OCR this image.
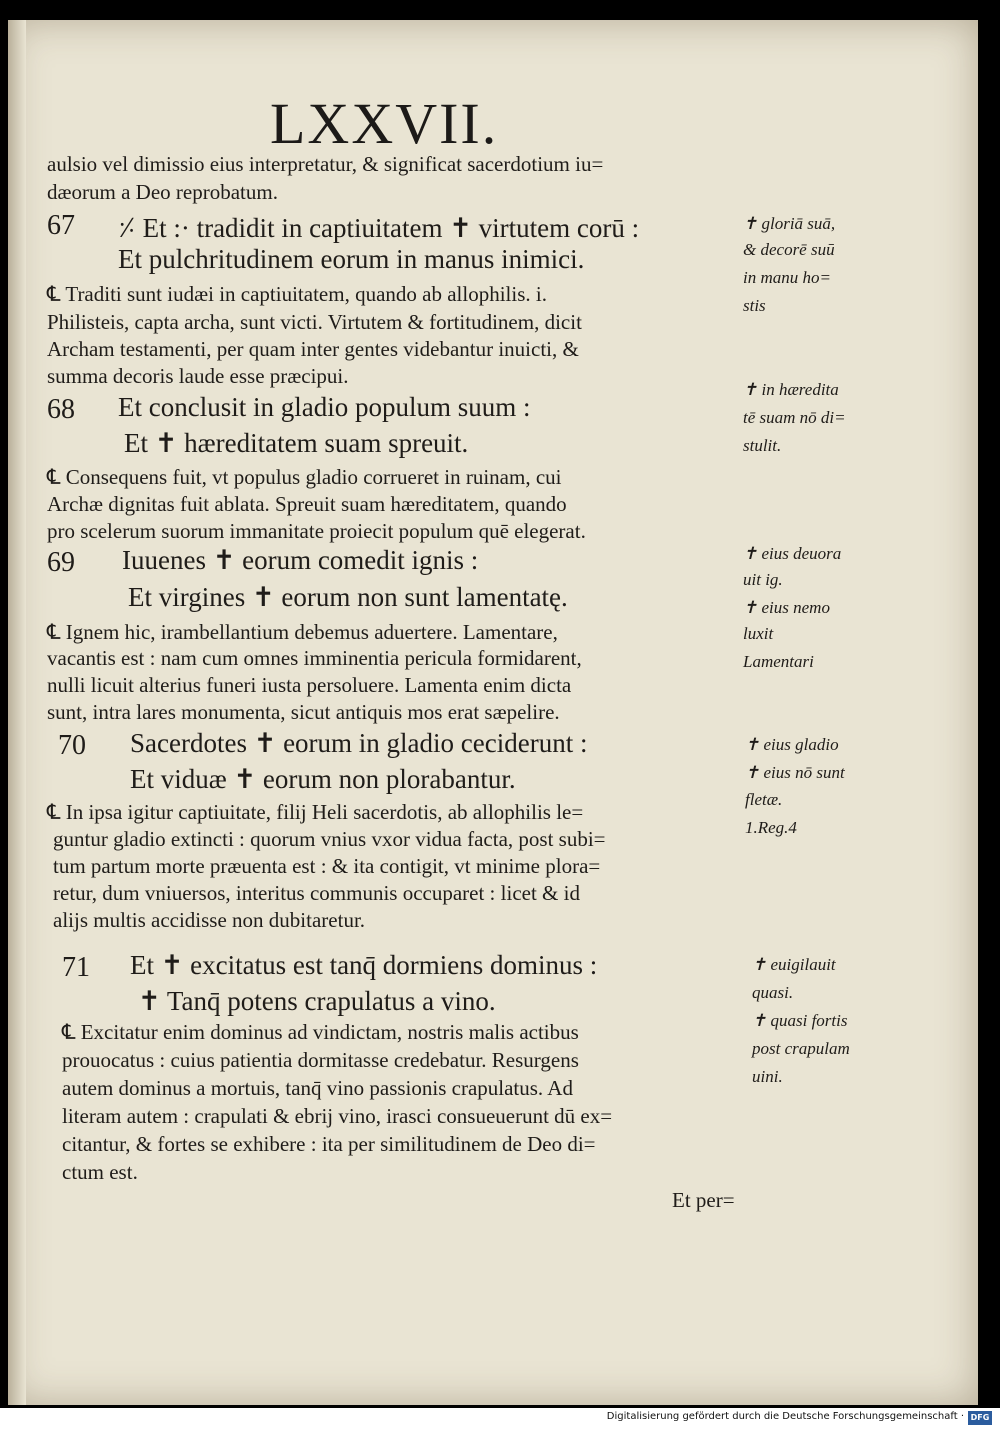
LXXVII.
aulsio vel dimissio eius interpretatur, & significat sacerdotium iu=
dæorum a Deo reprobatum.
67 ⸓ Et :· tradidit in captiuitatem ✝ virtutem corū :
Et pulchritudinem eorum in manus inimici.
℄ Traditi sunt iudæi in captiuitatem, quando ab allophilis. i.
Philisteis, capta archa, sunt victi. Virtutem & fortitudinem, dicit
Archam testamenti, per quam inter gentes videbantur inuicti, &
summa decoris laude esse præcipui.
✝ gloriā suā,
& decorē suū
in manu ho=
stis
68 Et conclusit in gladio populum suum :
Et ✝ hæreditatem suam spreuit.
℄ Consequens fuit, vt populus gladio corrueret in ruinam, cui
Archæ dignitas fuit ablata. Spreuit suam hæreditatem, quando
pro scelerum suorum immanitate proiecit populum quē elegerat.
✝ in hæredita
tē suam nō di=
stulit.
69 Iuuenes ✝ eorum comedit ignis :
Et virgines ✝ eorum non sunt lamentatę.
℄ Ignem hic, irambellantium debemus aduertere. Lamentare,
vacantis est : nam cum omnes imminentia pericula formidarent,
nulli licuit alterius funeri iusta persoluere. Lamenta enim dicta
sunt, intra lares monumenta, sicut antiquis mos erat sæpelire.
✝ eius deuora
uit ig.
✝ eius nemo
luxit
Lamentari
70 Sacerdotes ✝ eorum in gladio ceciderunt :
Et viduæ ✝ eorum non plorabantur.
℄ In ipsa igitur captiuitate, filij Heli sacerdotis, ab allophilis le=
guntur gladio extincti : quorum vnius vxor vidua facta, post subi=
tum partum morte præuenta est : & ita contigit, vt minime plora=
retur, dum vniuersos, interitus communis occuparet : licet & id
alijs multis accidisse non dubitaretur.
✝ eius gladio
✝ eius nō sunt
fletæ.
1.Reg.4
71 Et ✝ excitatus est tanq̄ dormiens dominus :
✝ Tanq̄ potens crapulatus a vino.
℄ Excitatur enim dominus ad vindictam, nostris malis actibus
prouocatus : cuius patientia dormitasse credebatur. Resurgens
autem dominus a mortuis, tanq̄ vino passionis crapulatus. Ad
literam autem : crapulati & ebrij vino, irasci consueuerunt dū ex=
citantur, & fortes se exhibere : ita per similitudinem de Deo di=
ctum est.
✝ euigilauit
quasi.
✝ quasi fortis
post crapulam
uini.
Et per=
Digitalisierung gefördert durch die Deutsche Forschungsgemeinschaft · DFG
